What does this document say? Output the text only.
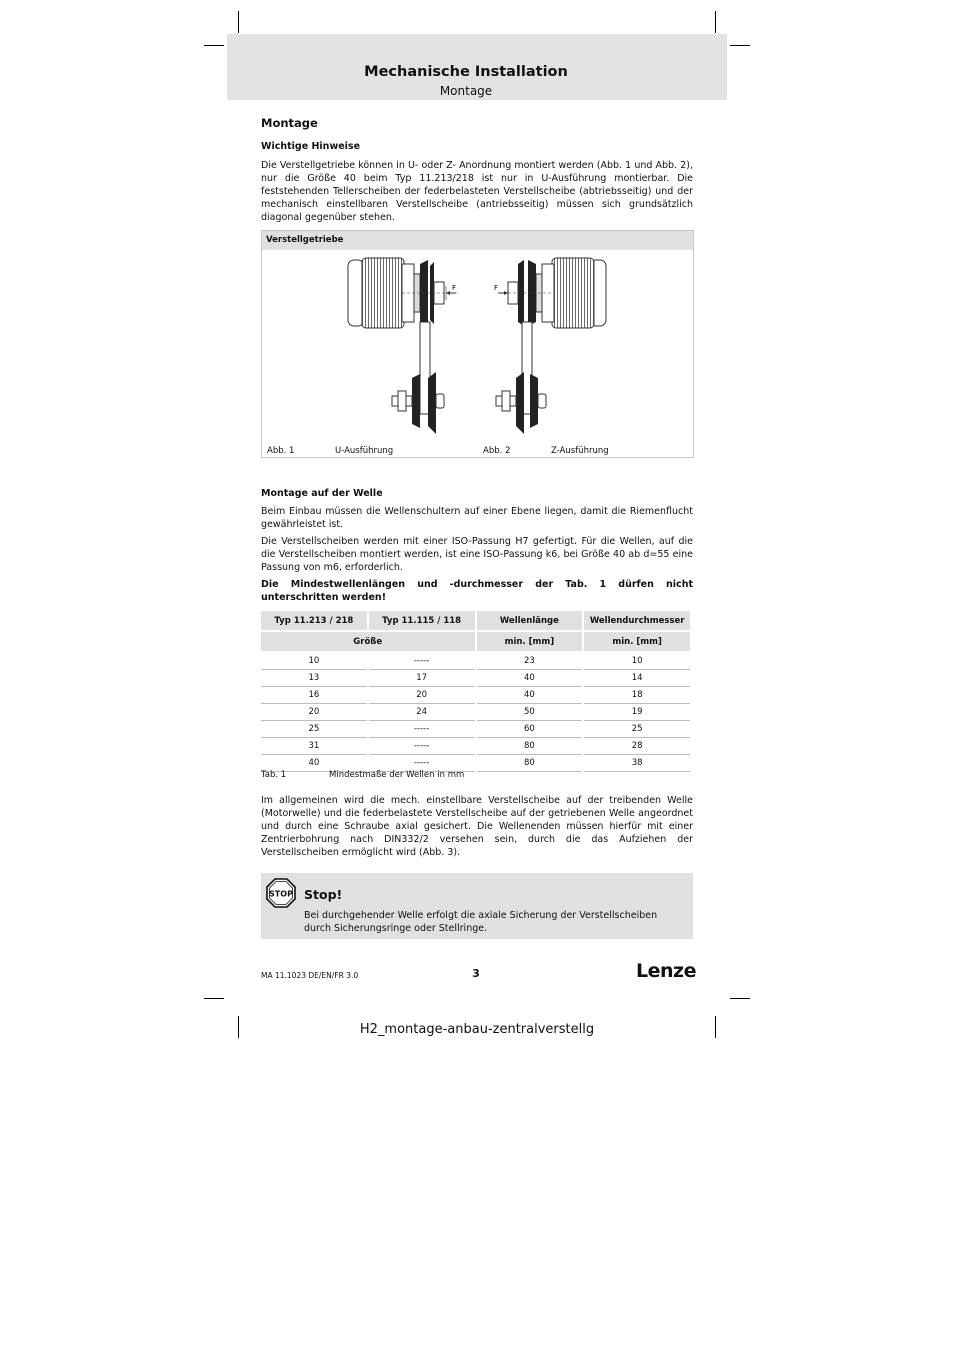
Mechanische Installation
Montage
Montage
Wichtige Hinweise

Die Verstellgetriebe können in U- oder Z- Anordnung montiert werden (Abb. 1 und Abb. 2), nur die Größe 40 beim Typ 11.213/218 ist nur in U-Ausführung montierbar. Die feststehenden Tellerscheiben der federbelasteten Verstellscheibe (abtriebsseitig) und der mechanisch einstellbaren Verstellscheibe (antriebsseitig) müssen sich grundsätzlich diagonal gegenüber stehen.

Verstellgetriebe
F	F
Abb. 1	U-Ausführung	Abb. 2	Z-Ausführung
Montage auf der Welle

Beim Einbau müssen die Wellenschultern auf einer Ebene liegen, damit die Riemenflucht gewährleistet ist.

Die Verstellscheiben werden mit einer ISO-Passung H7 gefertigt. Für die Wellen, auf die die Verstellscheiben montiert werden, ist eine ISO-Passung k6, bei Größe 40 ab d=55 eine Passung von m6, erforderlich.

Die Mindestwellenlängen und -durchmesser der Tab. 1 dürfen nicht unterschritten werden!

Typ 11.213 / 218	Typ 11.115 / 118	Wellenlänge	Wellendurchmesser
Größe		min. [mm]	min. [mm]
10	-----	23	10
13	17	40	14
16	20	40	18
20	24	50	19
25	-----	60	25
31	-----	80	28
40	-----	80	38
Tab. 1	Mindestmaße der Wellen in mm

Im allgemeinen wird die mech. einstellbare Verstellscheibe auf der treibenden Welle (Motorwelle) und die federbelastete Verstellscheibe auf der getriebenen Welle angeordnet und durch eine Schraube axial gesichert. Die Wellenenden müssen hierfür mit einer Zentrierbohrung nach DIN332/2 versehen sein, durch die das Aufziehen der Verstellscheiben ermöglicht wird (Abb. 3).

STOP Stop!
Bei durchgehender Welle erfolgt die axiale Sicherung der Verstellscheiben durch Sicherungsringe oder Stellringe.
MA 11.1023 DE/EN/FR 3.0	3	Lenze
H2_montage-anbau-zentralverstellg
